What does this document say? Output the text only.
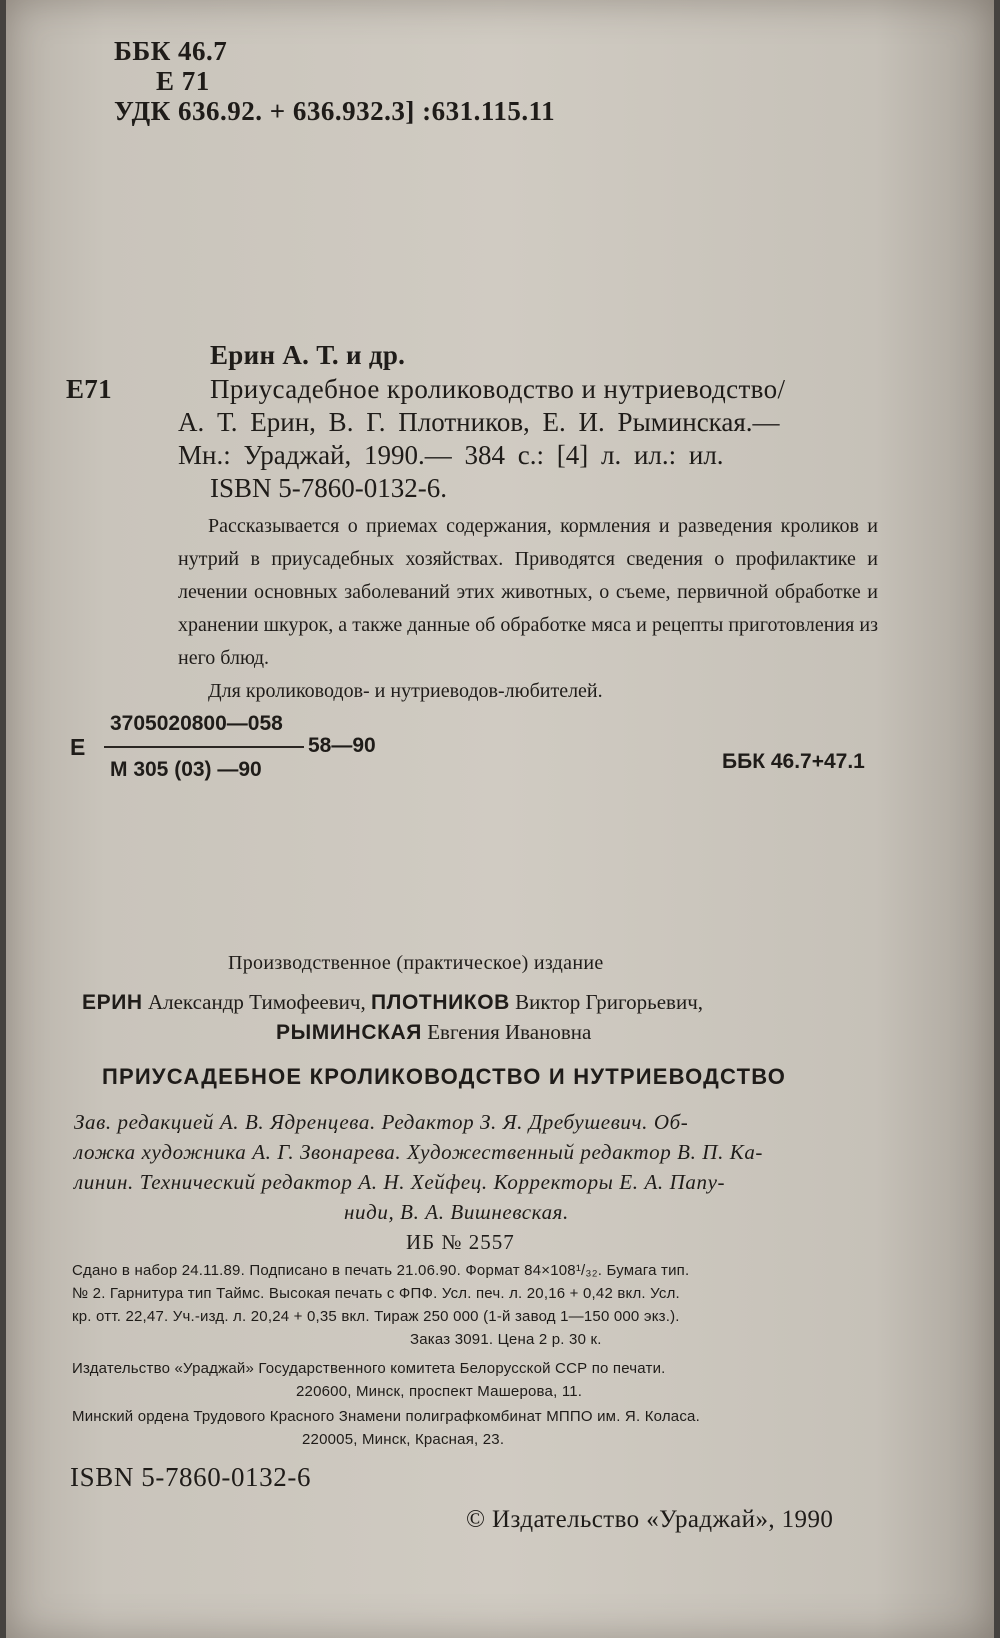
ББК 46.7
Е 71
УДК 636.92. + 636.932.3] :631.115.11
Ерин А. Т. и др.
Е71	Приусадебное кролиководство и нутриеводство/
А. Т. Ерин, В. Г. Плотников, Е. И. Рыминская.—
Мн.: Ураджай, 1990.— 384 с.: [4] л. ил.: ил.
ISBN 5-7860-0132-6.

Рассказывается о приемах содержания, кормления и разведения кроликов и нутрий в приусадебных хозяйствах. Приводятся сведения о профилактике и лечении основных заболеваний этих животных, о съеме, первичной обработке и хранении шкурок, а также данные об обработке мяса и рецепты приготовления из него блюд.

Для кролиководов- и нутриеводов-любителей.

Е
3705020800—058
58—90
М 305 (03) —90	ББК 46.7+47.1
Производственное (практическое) издание
ЕРИН Александр Тимофеевич, ПЛОТНИКОВ Виктор Григорьевич,
РЫМИНСКАЯ Евгения Ивановна
ПРИУСАДЕБНОЕ КРОЛИКОВОДСТВО И НУТРИЕВОДСТВО
Зав. редакцией А. В. Ядренцева. Редактор З. Я. Дребушевич. Об-
ложка художника А. Г. Звонарева. Художественный редактор В. П. Ка-
линин. Технический редактор А. Н. Хейфец. Корректоры Е. А. Папу-
ниди, В. А. Вишневская.
ИБ № 2557
Сдано в набор 24.11.89. Подписано в печать 21.06.90. Формат 84×108¹/₃₂. Бумага тип.
№ 2. Гарнитура тип Таймс. Высокая печать с ФПФ. Усл. печ. л. 20,16 + 0,42 вкл. Усл.
кр. отт. 22,47. Уч.-изд. л. 20,24 + 0,35 вкл. Тираж 250 000 (1-й завод 1—150 000 экз.).
Заказ 3091. Цена 2 р. 30 к.
Издательство «Ураджай» Государственного комитета Белорусской ССР по печати.
220600, Минск, проспект Машерова, 11.
Минский ордена Трудового Красного Знамени полиграфкомбинат МППО им. Я. Коласа.
220005, Минск, Красная, 23.
ISBN 5-7860-0132-6
© Издательство «Ураджай», 1990
